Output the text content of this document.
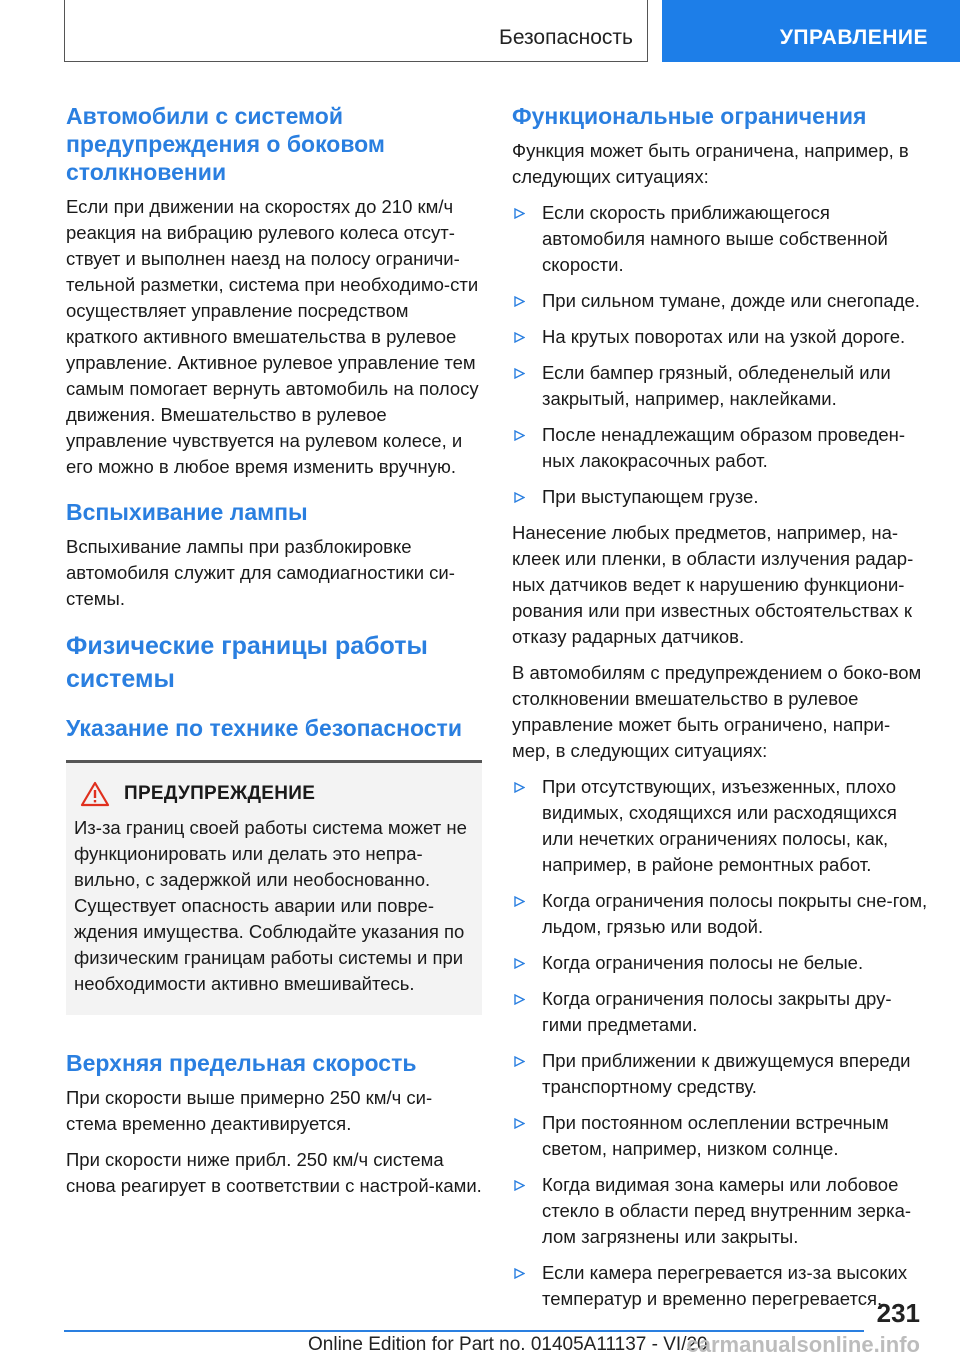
Безопасность	УПРАВЛЕНИЕ
Автомобили с системой предупреждения о боковом столкновении

Если при движении на скоростях до 210 км/ч реакция на вибрацию рулевого колеса отсут-ствует и выполнен наезд на полосу ограничи-тельной разметки, система при необходимо-сти осуществляет управление посредством краткого активного вмешательства в рулевое управление. Активное рулевое управление тем самым помогает вернуть автомобиль на полосу движения. Вмешательство в рулевое управление чувствуется на рулевом колесе, и его можно в любое время изменить вручную.

Вспыхивание лампы

Вспыхивание лампы при разблокировке автомобиля служит для самодиагностики си-стемы.

Физические границы работы системы
Указание по технике безопасности
ПРЕДУПРЕЖДЕНИЕ

Из-за границ своей работы система может не функционировать или делать это непра-вильно, с задержкой или необоснованно. Существует опасность аварии или повре-ждения имущества. Соблюдайте указания по физическим границам работы системы и при необходимости активно вмешивайтесь.

Верхняя предельная скорость

При скорости выше примерно 250 км/ч си-стема временно деактивируется.

При скорости ниже прибл. 250 км/ч система снова реагирует в соответствии с настрой-ками.

Функциональные ограничения

Функция может быть ограничена, например, в следующих ситуациях:

Если скорость приближающегося автомобиля намного выше собственной скорости.
При сильном тумане, дожде или снегопаде.
На крутых поворотах или на узкой дороге.
Если бампер грязный, обледенелый или закрытый, например, наклейками.
После ненадлежащим образом проведен-ных лакокрасочных работ.
При выступающем грузе.

Нанесение любых предметов, например, на-клеек или пленки, в области излучения радар-ных датчиков ведет к нарушению функциони-рования или при известных обстоятельствах к отказу радарных датчиков.

В автомобилям с предупреждением о боко-вом столкновении вмешательство в рулевое управление может быть ограничено, напри-мер, в следующих ситуациях:

При отсутствующих, изъезженных, плохо видимых, сходящихся или расходящихся или нечетких ограничениях полосы, как, например, в районе ремонтных работ.
Когда ограничения полосы покрыты сне-гом, льдом, грязью или водой.
Когда ограничения полосы не белые.
Когда ограничения полосы закрыты дру-гими предметами.
При приближении к движущемуся впереди транспортному средству.
При постоянном ослеплении встречным светом, например, низком солнце.
Когда видимая зона камеры или лобовое стекло в области перед внутренним зерка-лом загрязнены или закрыты.
Если камера перегревается из-за высоких температур и временно перегревается.
231
Online Edition for Part no. 01405A11137 - VI/20
carmanualsonline.info
